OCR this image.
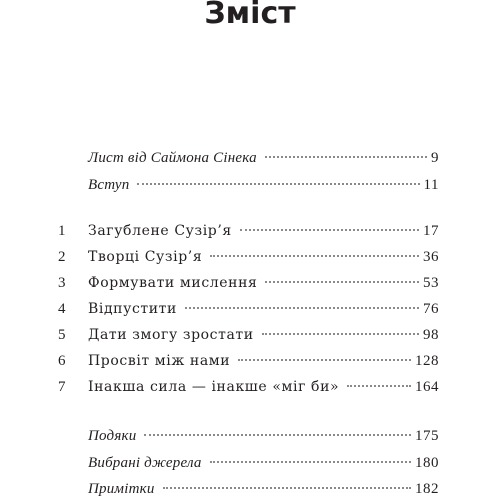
Зміст
Лист від Саймона Сінека	9
Вступ	11
1	Загублене Сузір’я	17
2	Творці Сузір’я	36
3	Формувати мислення	53
4	Відпустити	76
5	Дати змогу зростати	98
6	Просвіт між нами	128
7	Інакша сила — інакше «міг би»	164
Подяки	175
Вибрані джерела	180
Примітки	182
